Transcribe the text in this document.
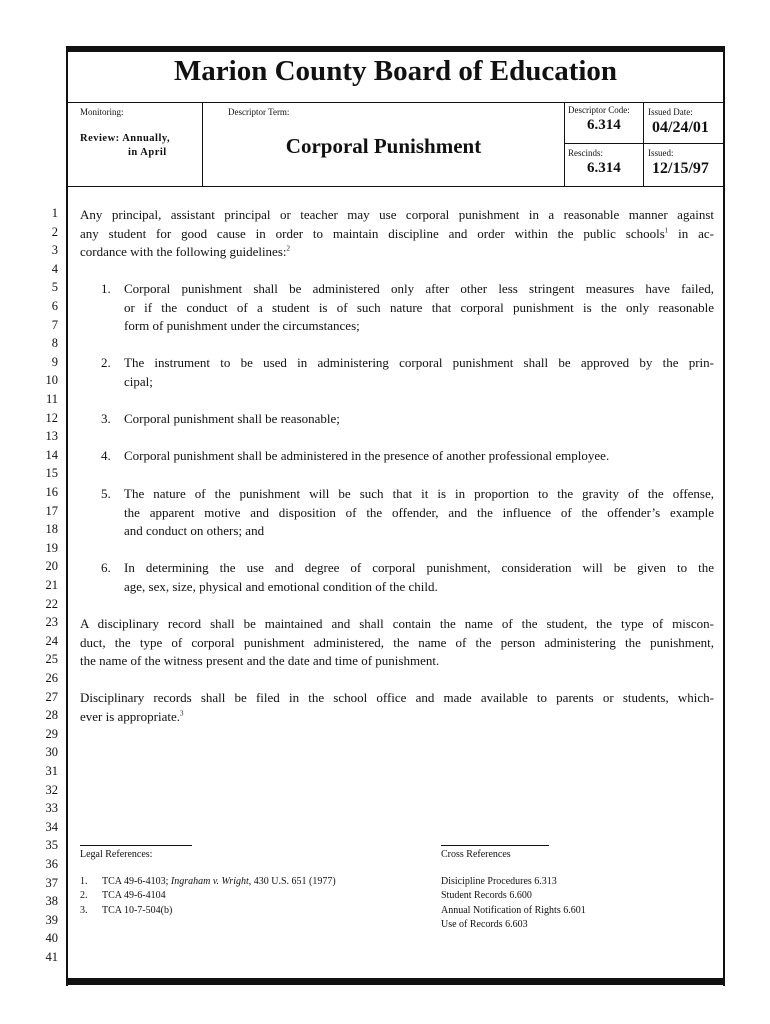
Marion County Board of Education
Monitoring:
Review: Annually,
in April
Descriptor Term:
Corporal Punishment
Descriptor Code:
6.314
Issued Date:
04/24/01
Rescinds:
6.314
Issued:
12/15/97
1
2
3
4
5
6
7
8
9
10
11
12
13
14
15
16
17
18
19
20
21
22
23
24
25
26
27
28
29
30
31
32
33
34
35
36
37
38
39
40
41
Any principal, assistant principal or teacher may use corporal punishment in a reasonable manner against
any student for good cause in order to maintain discipline and order within the public schools$^1$ in ac-
cordance with the following guidelines:$^2$
1. Corporal punishment shall be administered only after other less stringent measures have failed,
or if the conduct of a student is of such nature that corporal punishment is the only reasonable
form of punishment under the circumstances;
2. The instrument to be used in administering corporal punishment shall be approved by the prin-
cipal;
3. Corporal punishment shall be reasonable;
4. Corporal punishment shall be administered in the presence of another professional employee.
5. The nature of the punishment will be such that it is in proportion to the gravity of the offense,
the apparent motive and disposition of the offender, and the influence of the offender’s example
and conduct on others; and
6. In determining the use and degree of corporal punishment, consideration will be given to the
age, sex, size, physical and emotional condition of the child.
A disciplinary record shall be maintained and shall contain the name of the student, the type of miscon-
duct, the type of corporal punishment administered, the name of the person administering the punishment,
the name of the witness present and the date and time of punishment.
Disciplinary records shall be filed in the school office and made available to parents or students, which-
ever is appropriate.$^3$
Legal References:
1. TCA 49-6-4103; Ingraham v. Wright, 430 U.S. 651 (1977)
2. TCA 49-6-4104
3. TCA 10-7-504(b)
Cross References
Disicipline Procedures 6.313
Student Records 6.600
Annual Notification of Rights 6.601
Use of Records 6.603
